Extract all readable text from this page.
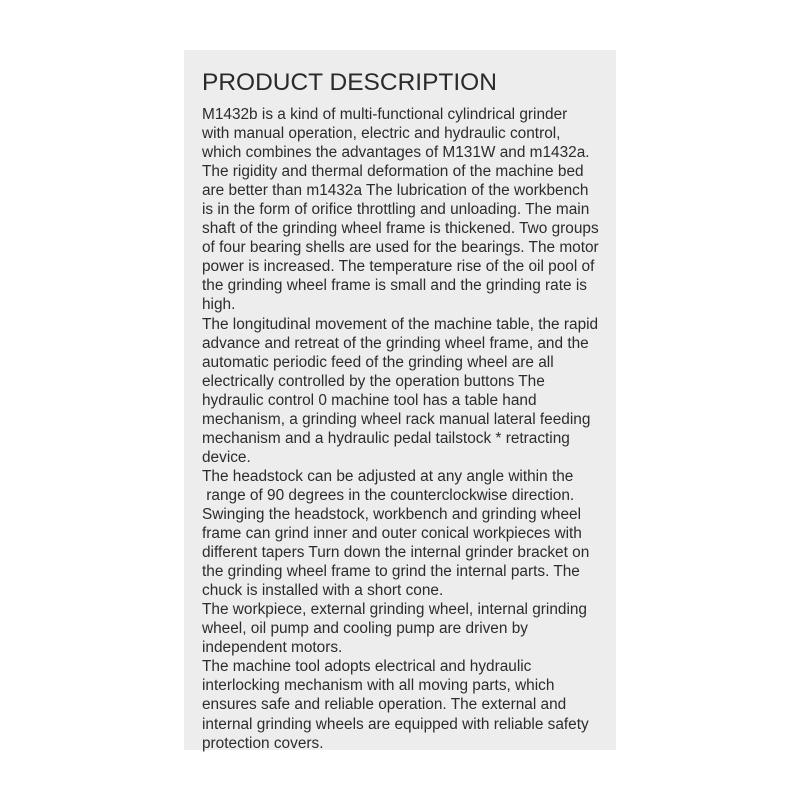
PRODUCT DESCRIPTION
M1432b is a kind of multi-functional cylindrical grinder
with manual operation, electric and hydraulic control,
which combines the advantages of M131W and m1432a.
The rigidity and thermal deformation of the machine bed
are better than m1432a The lubrication of the workbench
is in the form of orifice throttling and unloading. The main
shaft of the grinding wheel frame is thickened. Two groups
of four bearing shells are used for the bearings. The motor
power is increased. The temperature rise of the oil pool of
the grinding wheel frame is small and the grinding rate is
high.
The longitudinal movement of the machine table, the rapid
advance and retreat of the grinding wheel frame, and the
automatic periodic feed of the grinding wheel are all
electrically controlled by the operation buttons The
hydraulic control 0 machine tool has a table hand
mechanism, a grinding wheel rack manual lateral feeding
mechanism and a hydraulic pedal tailstock * retracting
device.
The headstock can be adjusted at any angle within the
range of 90 degrees in the counterclockwise direction.
Swinging the headstock, workbench and grinding wheel
frame can grind inner and outer conical workpieces with
different tapers Turn down the internal grinder bracket on
the grinding wheel frame to grind the internal parts. The
chuck is installed with a short cone.
The workpiece, external grinding wheel, internal grinding
wheel, oil pump and cooling pump are driven by
independent motors.
The machine tool adopts electrical and hydraulic
interlocking mechanism with all moving parts, which
ensures safe and reliable operation. The external and
internal grinding wheels are equipped with reliable safety
protection covers.
